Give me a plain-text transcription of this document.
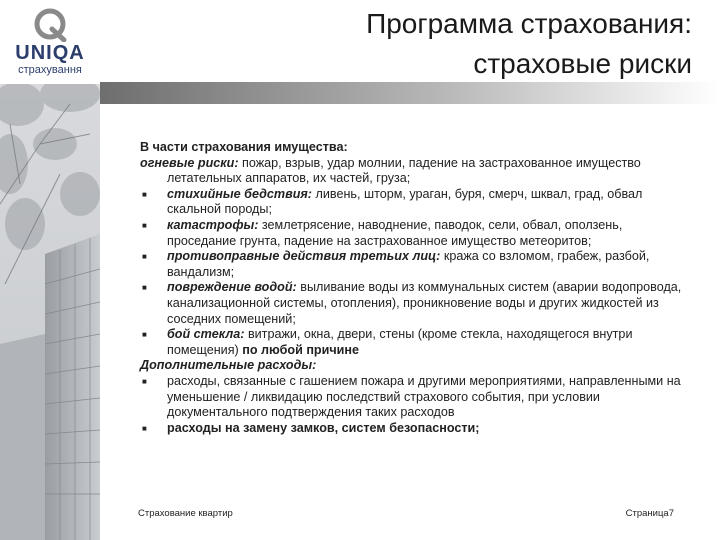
UNIQA
страхування
Программа страхования:
страховые риски

В части страхования имущества:

огневые риски: пожар, взрыв, удар молнии, падение на застрахованное имущество летательных аппаратов, их частей, груза;

■ стихийные бедствия: ливень, шторм, ураган, буря, смерч, шквал, град, обвал скальной породы;

■ катастрофы: землетрясение, наводнение, паводок, сели, обвал, оползень, проседание грунта, падение на застрахованное имущество метеоритов;

■ противоправные действия третьих лиц: кража со взломом, грабеж, разбой, вандализм;

■ повреждение водой: выливание воды из коммунальных систем (аварии водопровода, канализационной системы, отопления), проникновение воды и других жидкостей из соседних помещений;

■ бой стекла: витражи, окна, двери, стены (кроме стекла, находящегося внутри помещения) по любой причине

Дополнительные расходы:

■ расходы, связанные с гашением пожара и другими мероприятиями, направленными на уменьшение / ликвидацию последствий страхового события, при условии документального подтверждения таких расходов

■ расходы на замену замков, систем безопасности;

Страхование квартир	Страница7
